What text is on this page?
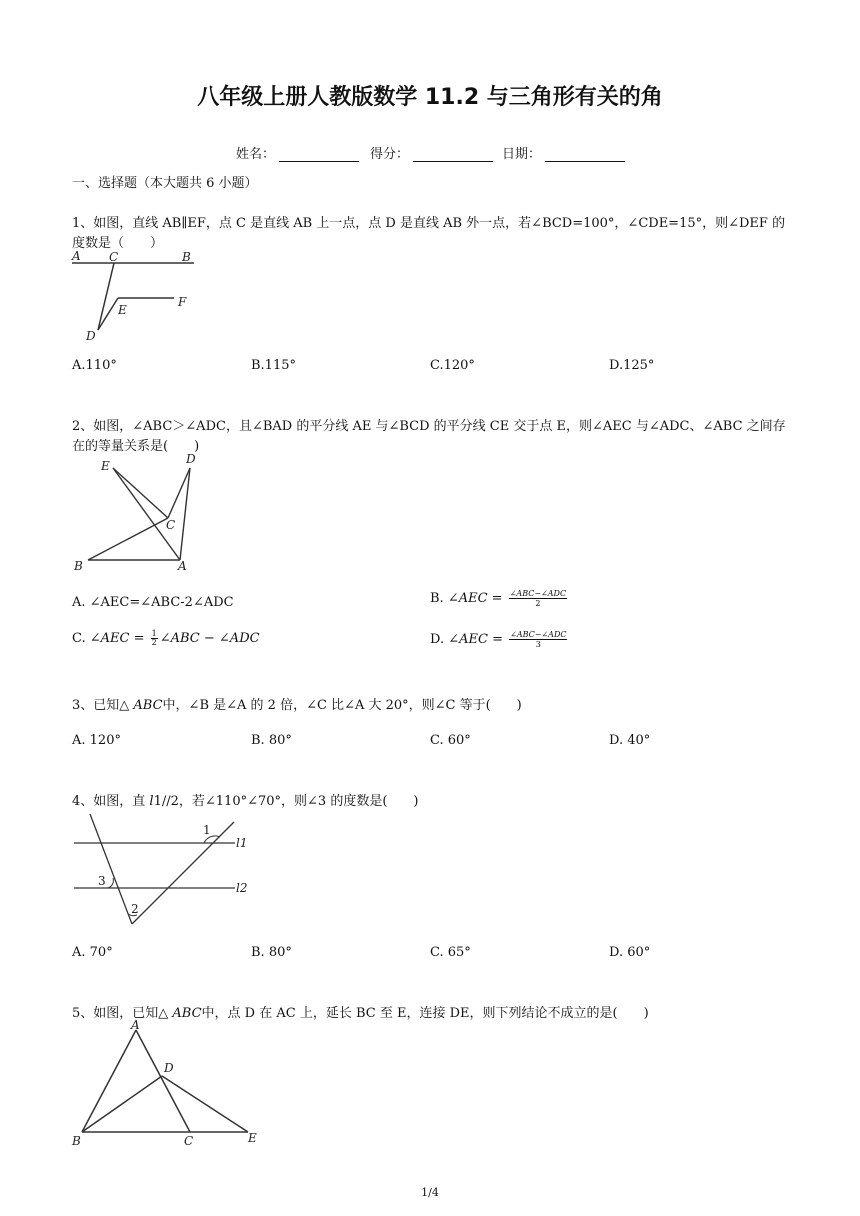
八年级上册人教版数学 11.2 与三角形有关的角
姓名：	得分：	日期：
一、选择题（本大题共 6 小题）
1、如图，直线 AB∥EF，点 C 是直线 AB 上一点，点 D 是直线 AB 外一点，若∠BCD=100°，∠CDE=15°，则∠DEF 的度数是（　　）
A C	B
E
F
D
A.110°	B.115°	C.120°	D.125°
2、如图，∠ABC＞∠ADC，且∠BAD 的平分线 AE 与∠BCD 的平分线 CE 交于点 E，则∠AEC 与∠ADC、∠ABC 之间存在的等量关系是(　　)
E	D
C
B	A
A. ∠AEC=∠ABC-2∠ADC	B. ∠AEC = $\frac{\text{∠ABC−∠ADC}}{2}$
C. ∠AEC = $\frac{1}{2}$ ∠ABC − ∠ADC	D. ∠AEC = $\frac{\text{∠ABC−∠ADC}}{3}$
3、已知△ ABC中，∠B 是∠A 的 2 倍，∠C 比∠A 大 20°，则∠C 等于(　　)
A. 120°	B. 80°	C. 60°	D. 40°
4、如图，直 l1//2，若∠110°∠70°，则∠3 的度数是(　　)
1
l1
3	l2
2
A. 70°	B. 80°	C. 65°	D. 60°
5、如图，已知△ ABC中，点 D 在 AC 上，延长 BC 至 E，连接 DE，则下列结论不成立的是(　　)
A
D
B	C	E
1/4
